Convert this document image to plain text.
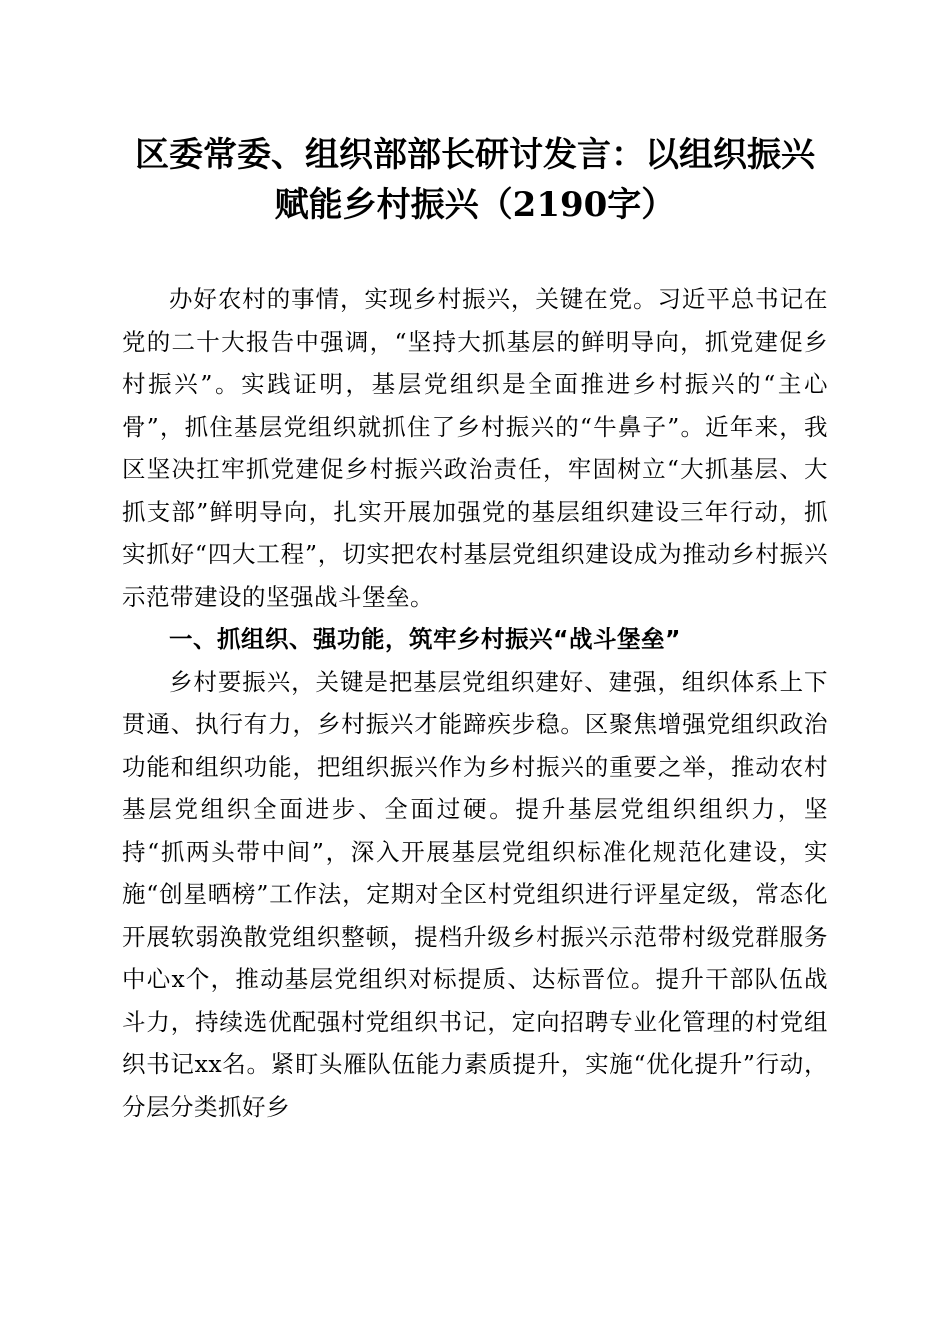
区委常委、组织部部长研讨发言：以组织振兴
赋能乡村振兴（2190字）

办好农村的事情，实现乡村振兴，关键在党。习近平总书记在党的二十大报告中强调，“坚持大抓基层的鲜明导向，抓党建促乡村振兴”。实践证明，基层党组织是全面推进乡村振兴的“主心骨”，抓住基层党组织就抓住了乡村振兴的“牛鼻子”。近年来，我区坚决扛牢抓党建促乡村振兴政治责任，牢固树立“大抓基层、大抓支部”鲜明导向，扎实开展加强党的基层组织建设三年行动，抓实抓好“四大工程”，切实把农村基层党组织建设成为推动乡村振兴示范带建设的坚强战斗堡垒。

一、抓组织、强功能，筑牢乡村振兴“战斗堡垒”

乡村要振兴，关键是把基层党组织建好、建强，组织体系上下贯通、执行有力，乡村振兴才能蹄疾步稳。区聚焦增强党组织政治功能和组织功能，把组织振兴作为乡村振兴的重要之举，推动农村基层党组织全面进步、全面过硬。提升基层党组织组织力，坚持“抓两头带中间”，深入开展基层党组织标准化规范化建设，实施“创星晒榜”工作法，定期对全区村党组织进行评星定级，常态化开展软弱涣散党组织整顿，提档升级乡村振兴示范带村级党群服务中心x个，推动基层党组织对标提质、达标晋位。提升干部队伍战斗力，持续选优配强村党组织书记，定向招聘专业化管理的村党组织书记xx名。紧盯头雁队伍能力素质提升，实施“优化提升”行动，分层分类抓好乡
